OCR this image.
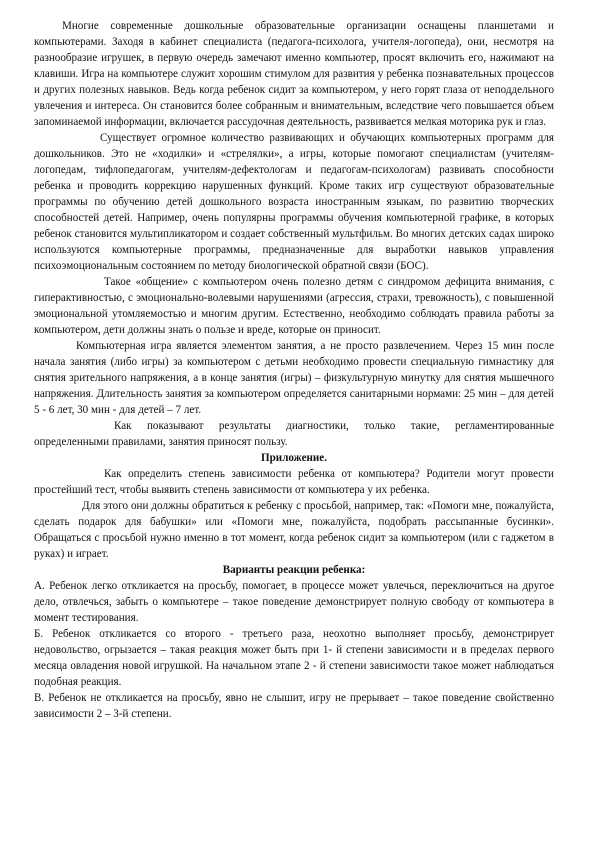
Многие современные дошкольные образовательные организации оснащены планшетами и компьютерами. Заходя в кабинет специалиста (педагога-психолога, учителя-логопеда), они, несмотря на разнообразие игрушек, в первую очередь замечают именно компьютер, просят включить его, нажимают на клавиши. Игра на компьютере служит хорошим стимулом для развития у ребенка познавательных процессов и других полезных навыков. Ведь когда ребенок сидит за компьютером, у него горят глаза от неподдельного увлечения и интереса. Он становится более собранным и внимательным, вследствие чего повышается объем запоминаемой информации, включается рассудочная деятельность, развивается мелкая моторика рук и глаз.

Существует огромное количество развивающих и обучающих компьютерных программ для дошкольников. Это не «ходилки» и «стрелялки», а игры, которые помогают специалистам (учителям-логопедам, тифлопедагогам, учителям-дефектологам и педагогам-психологам) развивать способности ребенка и проводить коррекцию нарушенных функций. Кроме таких игр существуют образовательные программы по обучению детей дошкольного возраста иностранным языкам, по развитию творческих способностей детей. Например, очень популярны программы обучения компьютерной графике, в которых ребенок становится мультипликатором и создает собственный мультфильм. Во многих детских садах широко используются компьютерные программы, предназначенные для выработки навыков управления психоэмоциональным состоянием по методу биологической обратной связи (БОС).

Такое «общение» с компьютером очень полезно детям с синдромом дефицита внимания, с гиперактивностью, с эмоционально-волевыми нарушениями (агрессия, страхи, тревожность), с повышенной эмоциональной утомляемостью и многим другим. Естественно, необходимо соблюдать правила работы за компьютером, дети должны знать о пользе и вреде, которые он приносит.

Компьютерная игра является элементом занятия, а не просто развлечением. Через 15 мин после начала занятия (либо игры) за компьютером с детьми необходимо провести специальную гимнастику для снятия зрительного напряжения, а в конце занятия (игры) – физкультурную минутку для снятия мышечного напряжения. Длительность занятия за компьютером определяется санитарными нормами: 25 мин – для детей 5 - 6 лет, 30 мин - для детей – 7 лет.

Как показывают результаты диагностики, только такие, регламентированные определенными правилами, занятия приносят пользу.

Приложение.

Как определить степень зависимости ребенка от компьютера? Родители могут провести простейший тест, чтобы выявить степень зависимости от компьютера у их ребенка.

Для этого они должны обратиться к ребенку с просьбой, например, так: «Помоги мне, пожалуйста, сделать подарок для бабушки» или «Помоги мне, пожалуйста, подобрать рассыпанные бусинки». Обращаться с просьбой нужно именно в тот момент, когда ребенок сидит за компьютером (или с гаджетом в руках) и играет.

Варианты реакции ребенка:

А. Ребенок легко откликается на просьбу, помогает, в процессе может увлечься, переключиться на другое дело, отвлечься, забыть о компьютере – такое поведение демонстрирует полную свободу от компьютера в момент тестирования.

Б. Ребенок откликается со второго - третьего раза, неохотно выполняет просьбу, демонстрирует недовольство, огрызается – такая реакция может быть при 1- й степени зависимости и в пределах первого месяца овладения новой игрушкой. На начальном этапе 2 - й степени зависимости такое может наблюдаться подобная реакция.

В. Ребенок не откликается на просьбу, явно не слышит, игру не прерывает – такое поведение свойственно зависимости 2 – 3-й степени.
